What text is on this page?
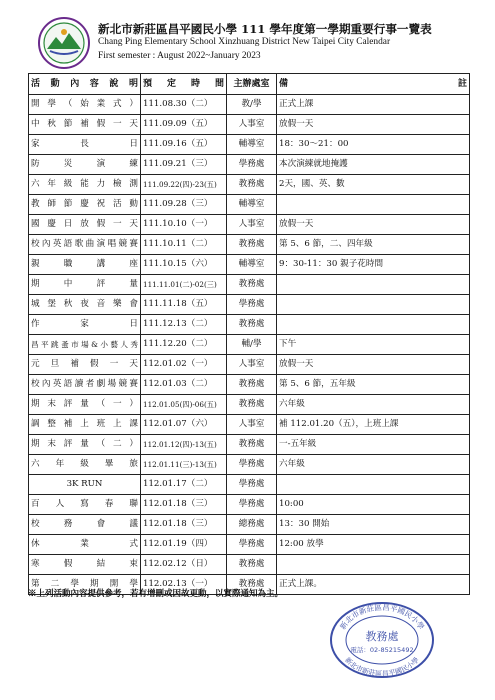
新北市新莊區昌平國民小學 111 學年度第一學期重要行事一覽表
Chang Ping Elementary School Xinzhuang District New Taipei City Calendar
First semester : August 2022~January 2023
活動內容說明	預 定 時 間	主辦處室	備 註

開學（始業式）	111.08.30（二）	教/學	正式上課
中秋節補假一天	111.09.09（五）	人事室	放假一天
家長日	111.09.16（五）	輔導室	18：30～21：00
防災演練	111.09.21（三）	學務處	本次演練就地掩護
六年級能力檢測	111.09.22(四)-23(五)	教務處	2天，國、英、數
教師節慶祝活動	111.09.28（三）	輔導室	
國慶日放假一天	111.10.10（一）	人事室	放假一天
校內英語歌曲演唱競賽	111.10.11（二）	教務處	第 5、6 節，二、四年級
親職講座	111.10.15（六）	輔導室	9：30-11：30 親子花時間
期中評量	111.11.01(二)-02(三)	教務處	
城堡秋夜音樂會	111.11.18（五）	學務處	
作家日	111.12.13（二）	教務處	
昌平跳蚤市場&小藝人秀	111.12.20（二）	輔/學	下午
元旦補假一天	112.01.02（一）	人事室	放假一天
校內英語讀者劇場競賽	112.01.03（二）	教務處	第 5、6 節，五年級
期末評量（一）	112.01.05(四)-06(五)	教務處	六年級
調整補上班上課	112.01.07（六）	人事室	補 112.01.20（五），上班上課
期末評量（二）	112.01.12(四)-13(五)	教務處	一-五年級
六年級畢旅	112.01.11(三)-13(五)	學務處	六年級
3K RUN	112.01.17（二）	學務處	
百人寫春聯	112.01.18（三）	學務處	10:00
校務會議	112.01.18（三）	總務處	13：30 開始
休業式	112.01.19（四）	學務處	12:00 放學
寒假結束	112.02.12（日）	教務處	
第二學期開學	112.02.13（一）	教務處	正式上課。
※上列活動內容提供參考，若有增刪或因故更動，以實際通知為主。
新北市新莊區昌平國民小學
新北市新莊區昌平國民小學
教務處
電話：02-85215492
